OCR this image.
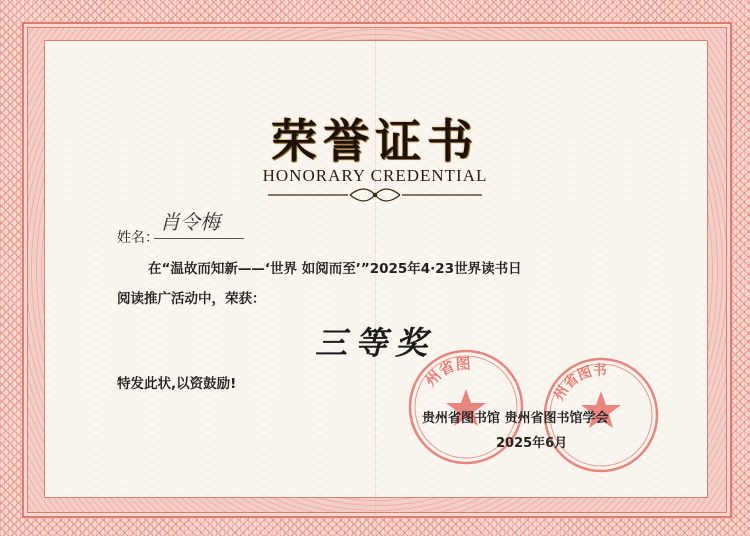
荣誉证书
HONORARY CREDENTIAL
姓名：
肖令梅
在“温故而知新——‘世界 如阅而至’”2025年4·23世界读书日
阅读推广活动中，荣获：
三等奖
特发此状,以资鼓励!	州省图
州省图书
贵州省图书馆 贵州省图书馆学会
2025年6月
